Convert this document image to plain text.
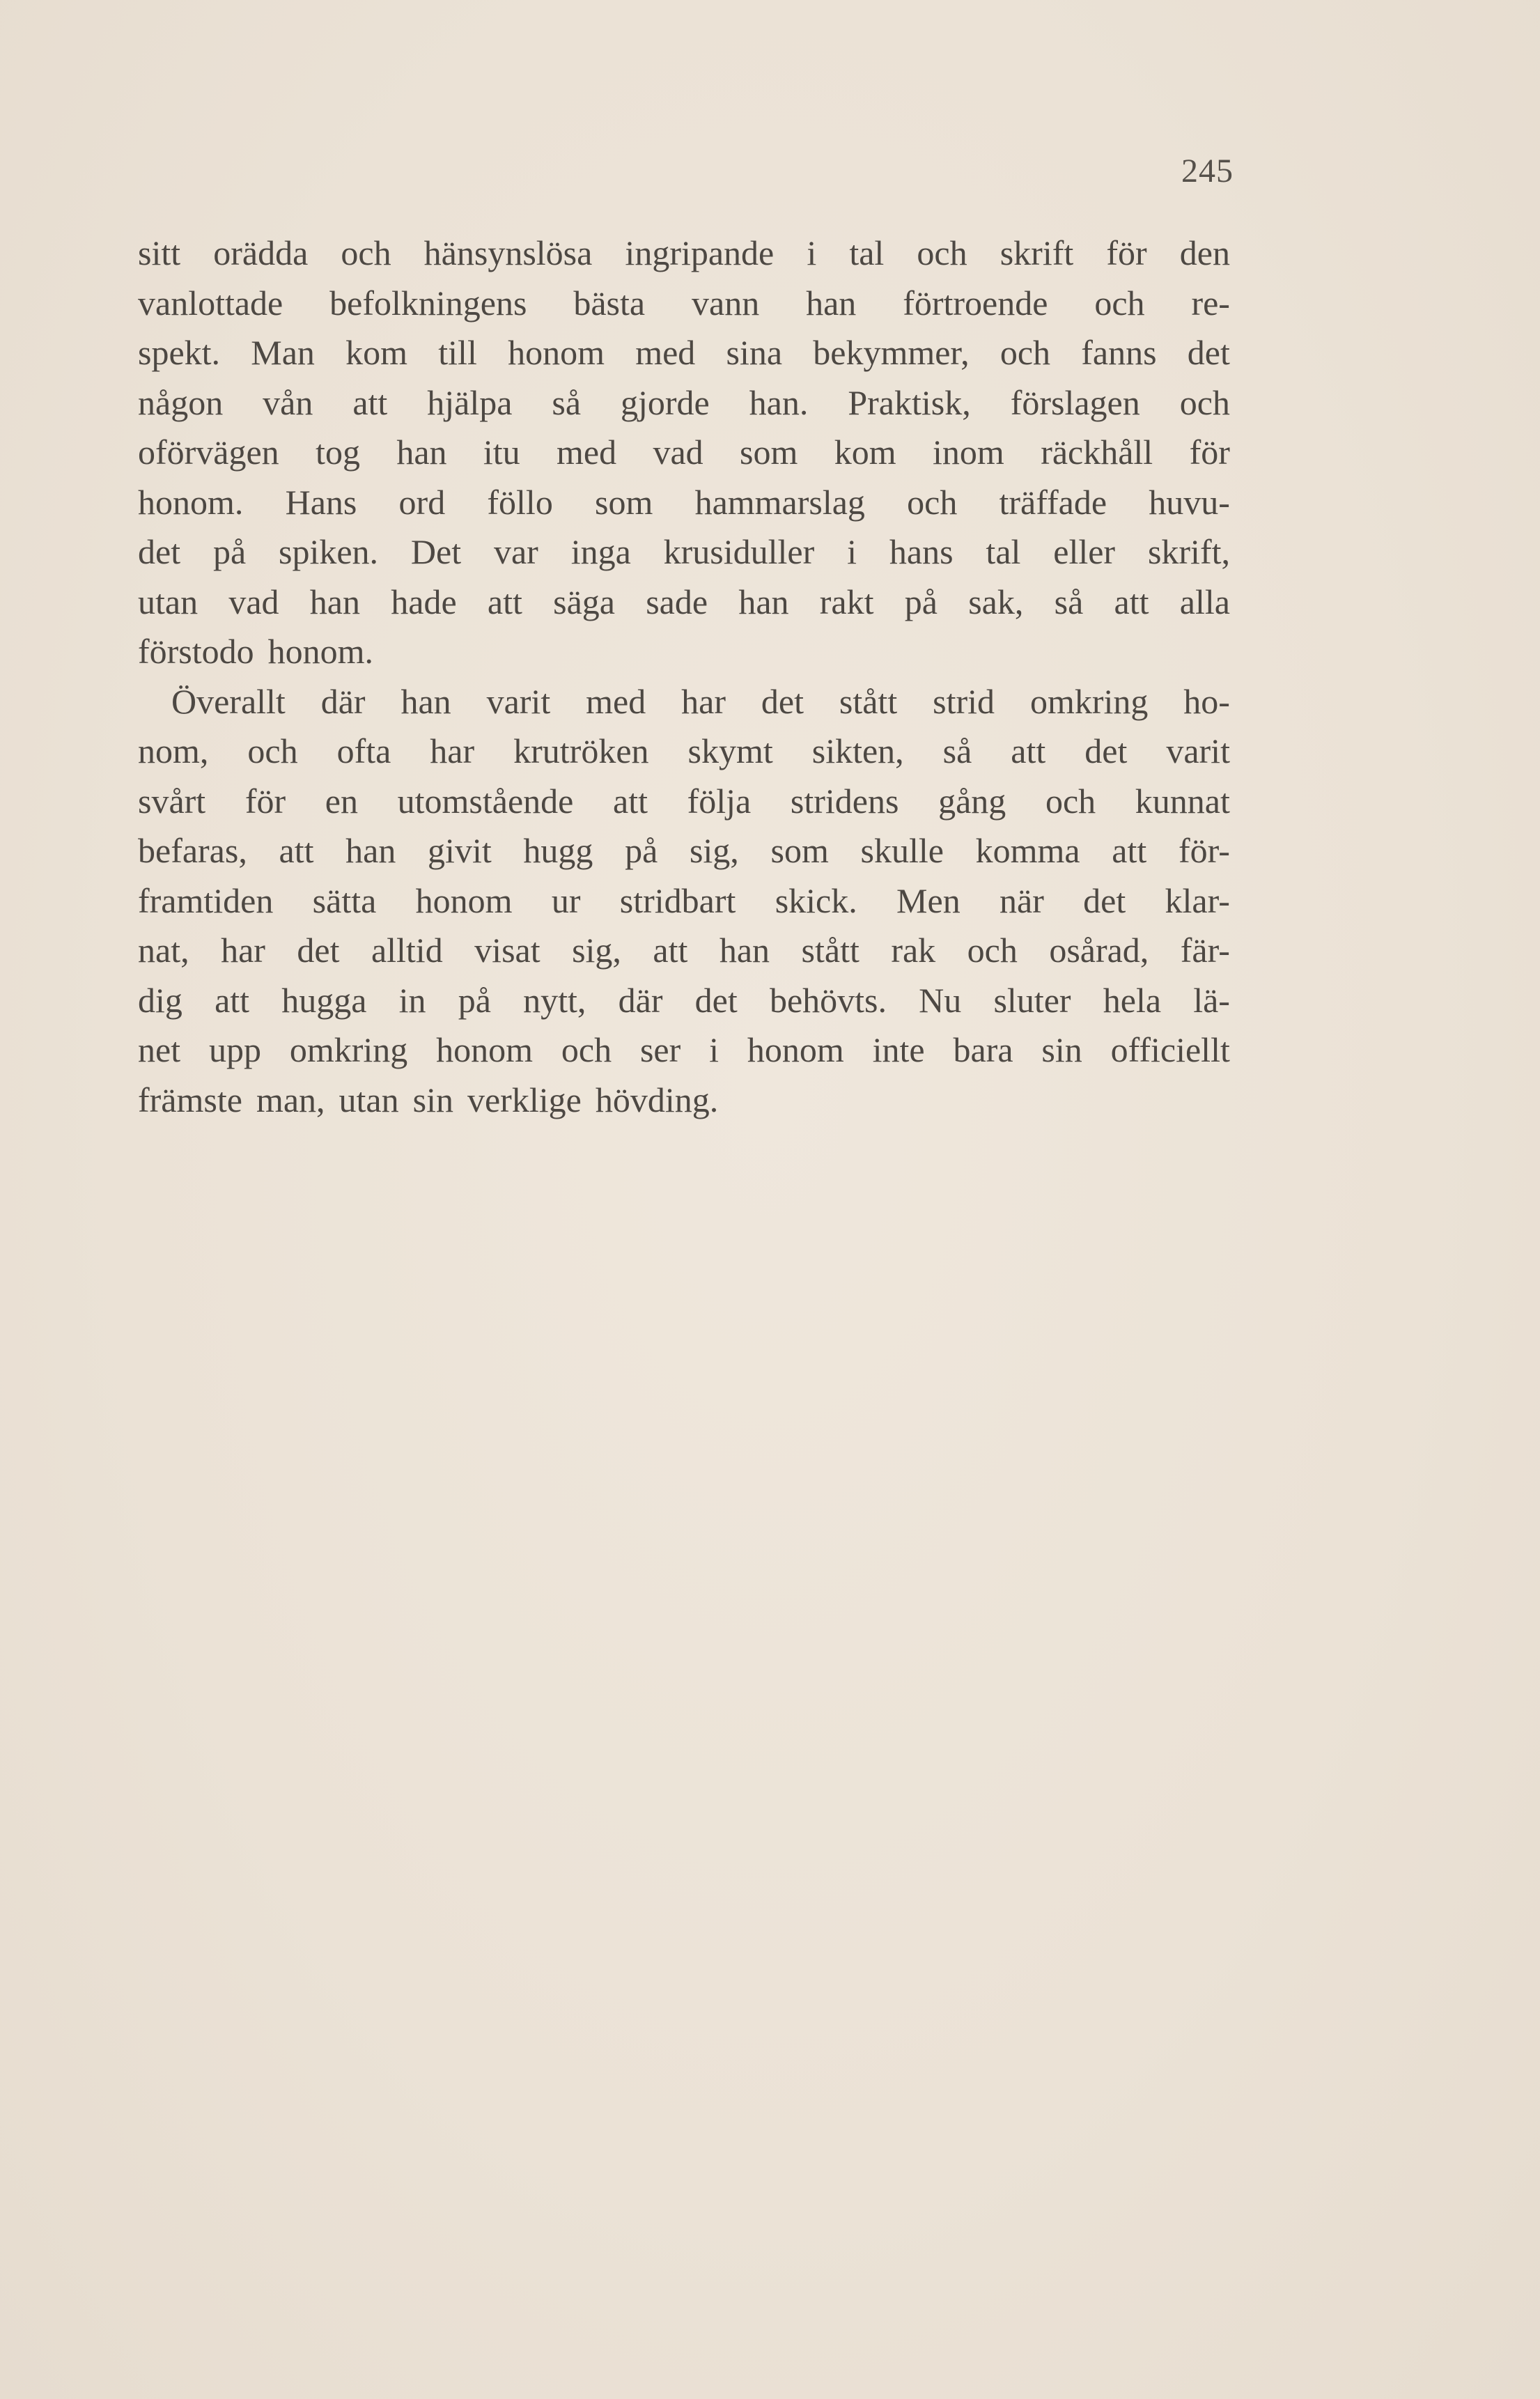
245
sitt orädda och hänsynslösa ingripande i tal och skrift för den
vanlottade befolkningens bästa vann han förtroende och re-
spekt. Man kom till honom med sina bekymmer, och fanns det
någon vån att hjälpa så gjorde han. Praktisk, förslagen och
oförvägen tog han itu med vad som kom inom räckhåll för
honom. Hans ord föllo som hammarslag och träffade huvu-
det på spiken. Det var inga krusiduller i hans tal eller skrift,
utan vad han hade att säga sade han rakt på sak, så att alla
förstodo honom.
Överallt där han varit med har det stått strid omkring ho-
nom, och ofta har krutröken skymt sikten, så att det varit
svårt för en utomstående att följa stridens gång och kunnat
befaras, att han givit hugg på sig, som skulle komma att för-
framtiden sätta honom ur stridbart skick. Men när det klar-
nat, har det alltid visat sig, att han stått rak och osårad, fär-
dig att hugga in på nytt, där det behövts. Nu sluter hela lä-
net upp omkring honom och ser i honom inte bara sin officiellt
främste man, utan sin verklige hövding.
